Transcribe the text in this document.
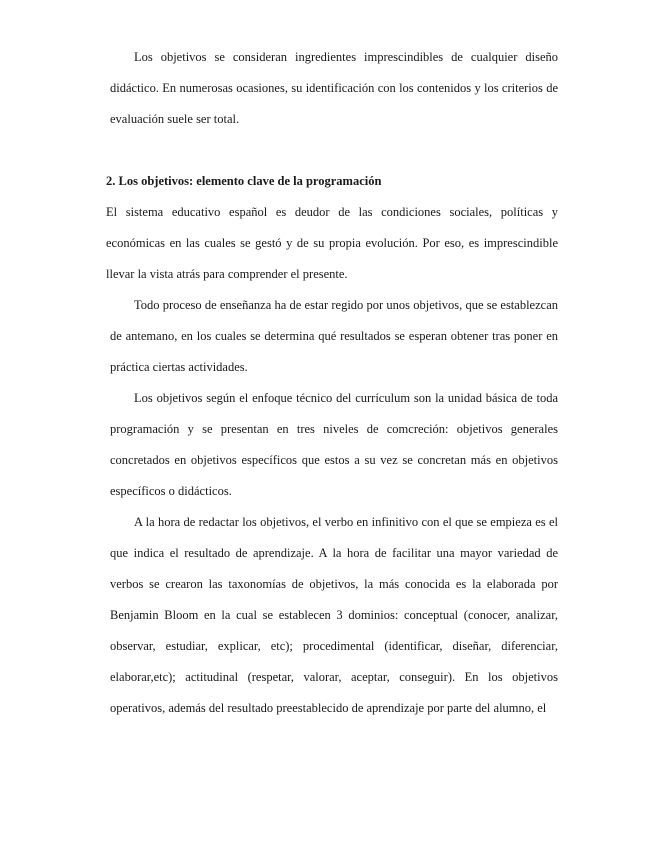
Los objetivos se consideran ingredientes imprescindibles de cualquier diseño didáctico. En numerosas ocasiones, su identificación con los contenidos y los criterios de evaluación suele ser total.

2. Los objetivos: elemento clave de la programación

El sistema educativo español es deudor de las condiciones sociales, políticas y económicas en las cuales se gestó y de su propia evolución. Por eso, es imprescindible llevar la vista atrás para comprender el presente.

Todo proceso de enseñanza ha de estar regido por unos objetivos, que se establezcan de antemano, en los cuales se determina qué resultados se esperan obtener tras poner en práctica ciertas actividades.

Los objetivos según el enfoque técnico del currículum son la unidad básica de toda programación y se presentan en tres niveles de comcreción: objetivos generales concretados en objetivos específicos que estos a su vez se concretan más en objetivos específicos o didácticos.

A la hora de redactar los objetivos, el verbo en infinitivo con el que se empieza es el que indica el resultado de aprendizaje. A la hora de facilitar una mayor variedad de verbos se crearon las taxonomías de objetivos, la más conocida es la elaborada por Benjamin Bloom en la cual se establecen 3 dominios: conceptual (conocer, analizar, observar, estudiar, explicar, etc); procedimental (identificar, diseñar, diferenciar, elaborar,etc); actitudinal (respetar, valorar, aceptar, conseguir). En los objetivos operativos, además del resultado preestablecido de aprendizaje por parte del alumno, el
